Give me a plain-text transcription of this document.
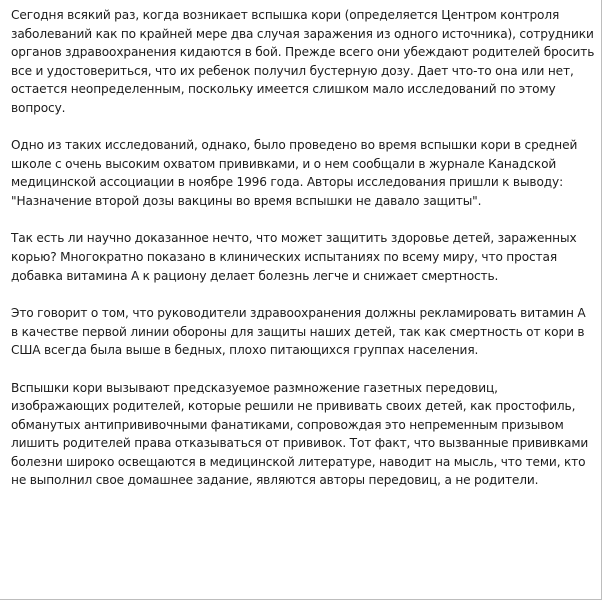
Сегодня всякий раз, когда возникает вспышка кори (определяется Центром контроля заболеваний как по крайней мере два случая заражения из одного источника), сотрудники органов здравоохранения кидаются в бой. Прежде всего они убеждают родителей бросить все и удостовериться, что их ребенок получил бустерную дозу. Дает что-то она или нет, остается неопределенным, поскольку имеется слишком мало исследований по этому вопросу.

Одно из таких исследований, однако, было проведено во время вспышки кори в средней школе с очень высоким охватом прививками, и о нем сообщали в журнале Канадской медицинской ассоциации в ноябре 1996 года. Авторы исследования пришли к выводу: "Назначение второй дозы вакцины во время вспышки не давало защиты".

Так есть ли научно доказанное нечто, что может защитить здоровье детей, зараженных корью? Многократно показано в клинических испытаниях по всему миру, что простая добавка витамина А к рациону делает болезнь легче и снижает смертность.

Это говорит о том, что руководители здравоохранения должны рекламировать витамин А в качестве первой линии обороны для защиты наших детей, так как смертность от кори в США всегда была выше в бедных, плохо питающихся группах населения.

Вспышки кори вызывают предсказуемое размножение газетных передовиц, изображающих родителей, которые решили не прививать своих детей, как простофиль, обманутых антипрививочными фанатиками, сопровождая это непременным призывом лишить родителей права отказываться от прививок. Тот факт, что вызванные прививками болезни широко освещаются в медицинской литературе, наводит на мысль, что теми, кто не выполнил свое домашнее задание, являются авторы передовиц, а не родители.
